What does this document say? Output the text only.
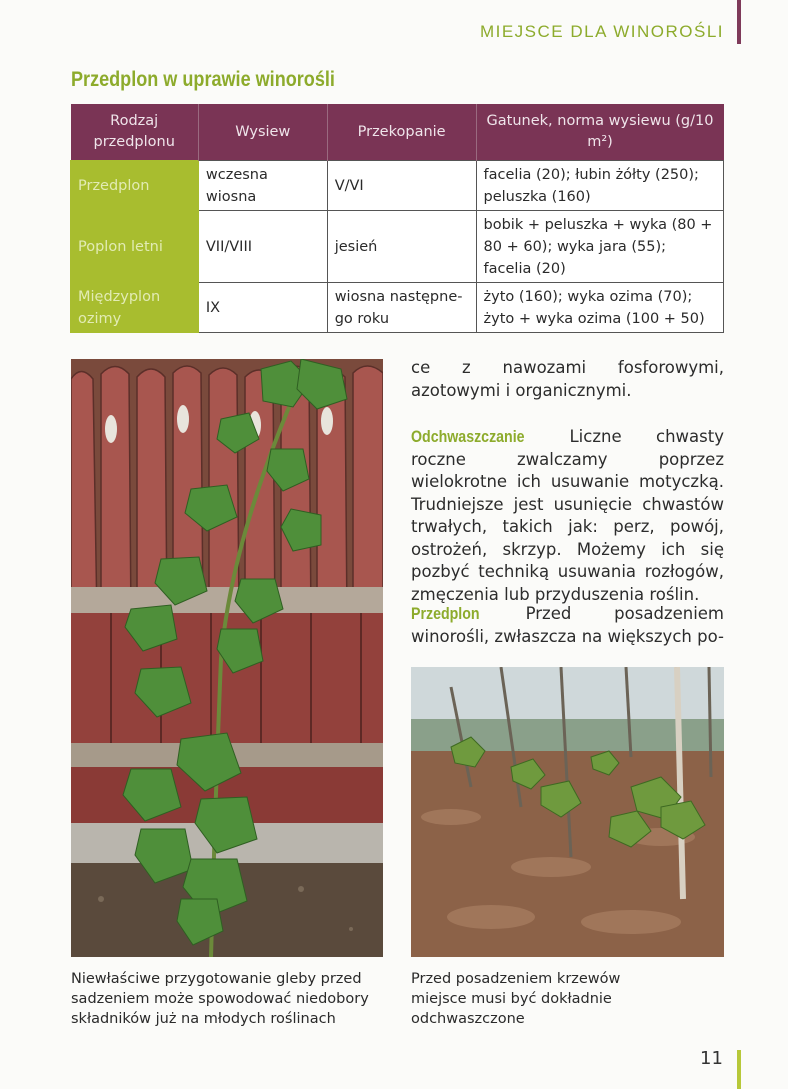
MIEJSCE DLA WINOROŚLI
Przedplon w uprawie winorośli
Rodzaj przedplonu	Wysiew	Przekopanie	Gatunek, norma wysiewu (g/10 m²)
Przedplon	wczesna wiosna	V/VI	facelia (20); łubin żółty (250); peluszka (160)
Poplon letni	VII/VIII	jesień	bobik + peluszka + wyka (80 + 80 + 60); wyka jara (55); facelia (20)
Międzyplon ozimy	IX	wiosna następne-go roku	żyto (160); wyka ozima (70); żyto + wyka ozima (100 + 50)
ce z nawozami fosforowymi, azotowymi i organicznymi.
Odchwaszczanie	Liczne chwasty roczne zwalczamy poprzez wielokrotne ich usuwanie motyczką. Trudniejsze jest usunięcie chwastów trwałych, takich jak: perz, powój, ostrożeń, skrzyp. Możemy ich się pozbyć techniką usuwania rozłogów, zmęczenia lub przyduszenia roślin.
Przedplon	Przed posadzeniem winorośli, zwłaszcza na większych po-
Niewłaściwe przygotowanie gleby przed sadzeniem może spowodować niedobory składników już na młodych roślinach
Przed posadzeniem krzewów miejsce musi być dokładnie odchwaszczone
11
